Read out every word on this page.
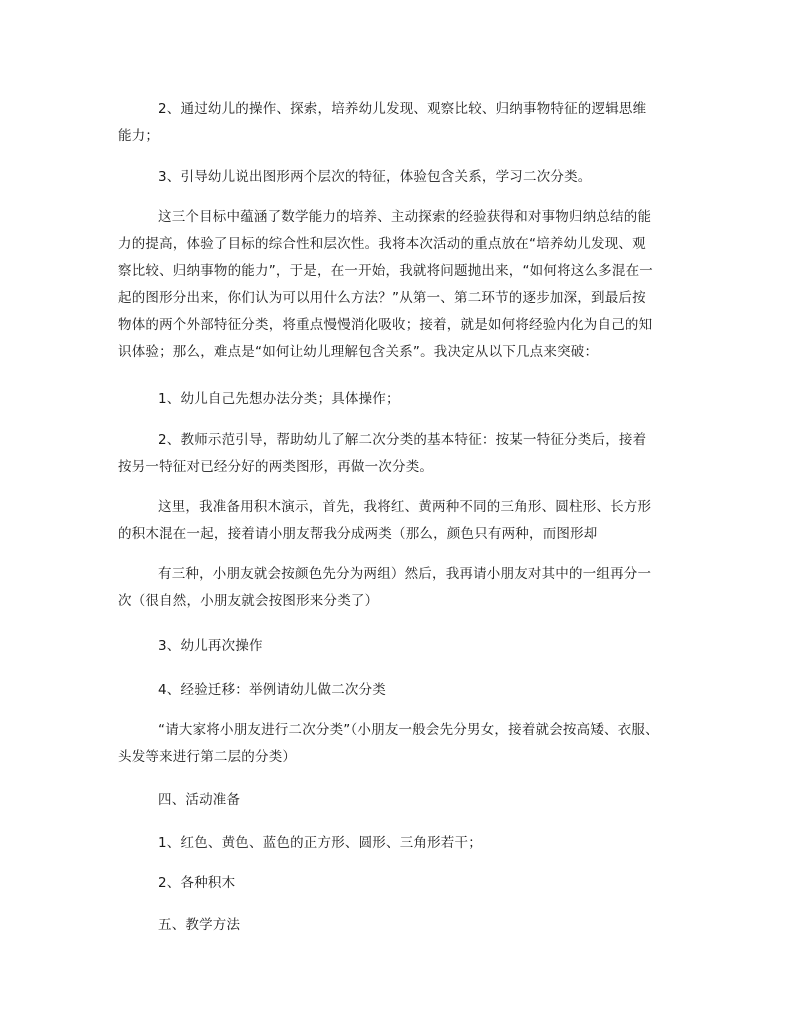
2、通过幼儿的操作、探索，培养幼儿发现、观察比较、归纳事物特征的逻辑思维
能力；
3、引导幼儿说出图形两个层次的特征，体验包含关系，学习二次分类。
这三个目标中蕴涵了数学能力的培养、主动探索的经验获得和对事物归纳总结的能
力的提高，体验了目标的综合性和层次性。我将本次活动的重点放在“培养幼儿发现、观
察比较、归纳事物的能力”，于是，在一开始，我就将问题抛出来，“如何将这么多混在一
起的图形分出来，你们认为可以用什么方法？”从第一、第二环节的逐步加深，到最后按
物体的两个外部特征分类，将重点慢慢消化吸收；接着，就是如何将经验内化为自己的知
识体验；那么，难点是“如何让幼儿理解包含关系”。我决定从以下几点来突破：
1、幼儿自己先想办法分类；具体操作；
2、教师示范引导，帮助幼儿了解二次分类的基本特征：按某一特征分类后，接着
按另一特征对已经分好的两类图形，再做一次分类。
这里，我准备用积木演示，首先，我将红、黄两种不同的三角形、圆柱形、长方形
的积木混在一起，接着请小朋友帮我分成两类（那么，颜色只有两种，而图形却
有三种，小朋友就会按颜色先分为两组）然后，我再请小朋友对其中的一组再分一
次（很自然，小朋友就会按图形来分类了）
3、幼儿再次操作
4、经验迁移：举例请幼儿做二次分类
“请大家将小朋友进行二次分类”（小朋友一般会先分男女，接着就会按高矮、衣服、
头发等来进行第二层的分类）
四、活动准备
1、红色、黄色、蓝色的正方形、圆形、三角形若干；
2、各种积木
五、教学方法
